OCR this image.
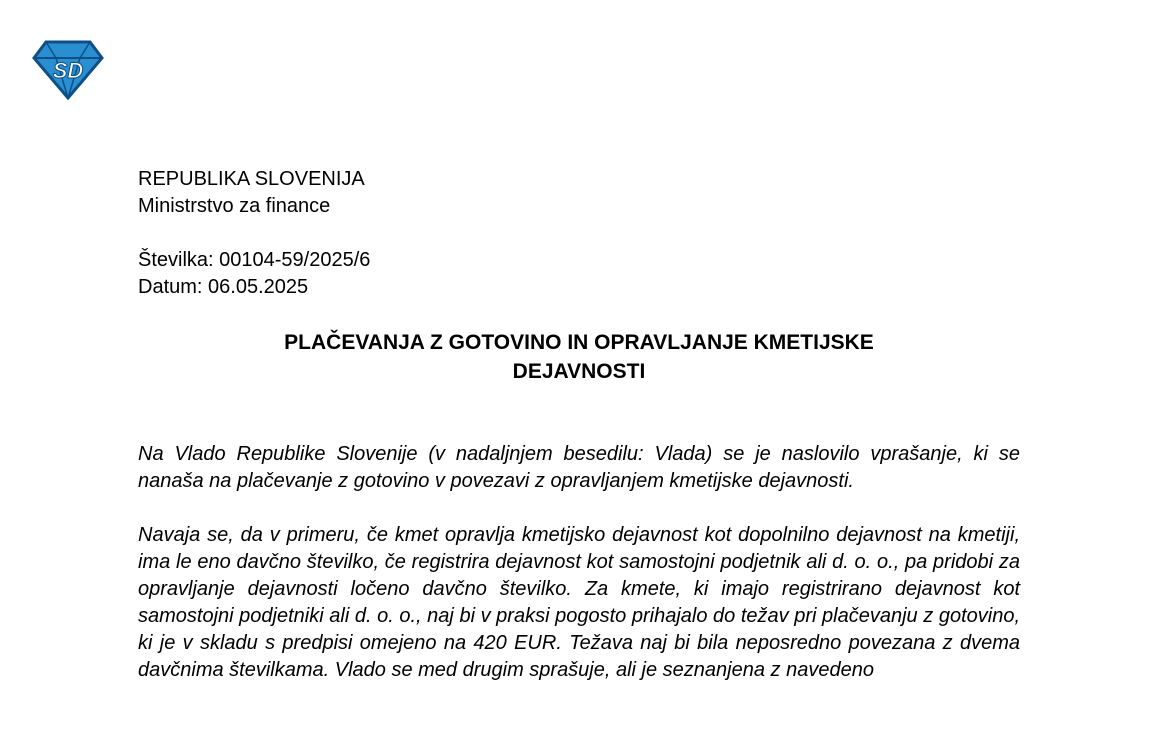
SD
REPUBLIKA SLOVENIJA
Ministrstvo za finance
Številka: 00104-59/2025/6
Datum: 06.05.2025
PLAČEVANJA Z GOTOVINO IN OPRAVLJANJE KMETIJSKE
DEJAVNOSTI

Na Vlado Republike Slovenije (v nadaljnjem besedilu: Vlada) se je naslovilo vprašanje, ki se nanaša na plačevanje z gotovino v povezavi z opravljanjem kmetijske dejavnosti.

Navaja se, da v primeru, če kmet opravlja kmetijsko dejavnost kot dopolnilno dejavnost na kmetiji, ima le eno davčno številko, če registrira dejavnost kot samostojni podjetnik ali d. o. o., pa pridobi za opravljanje dejavnosti ločeno davčno številko. Za kmete, ki imajo registrirano dejavnost kot samostojni podjetniki ali d. o. o., naj bi v praksi pogosto prihajalo do težav pri plačevanju z gotovino, ki je v skladu s predpisi omejeno na 420 EUR. Težava naj bi bila neposredno povezana z dvema davčnima številkama. Vlado se med drugim sprašuje, ali je seznanjena z navedeno
